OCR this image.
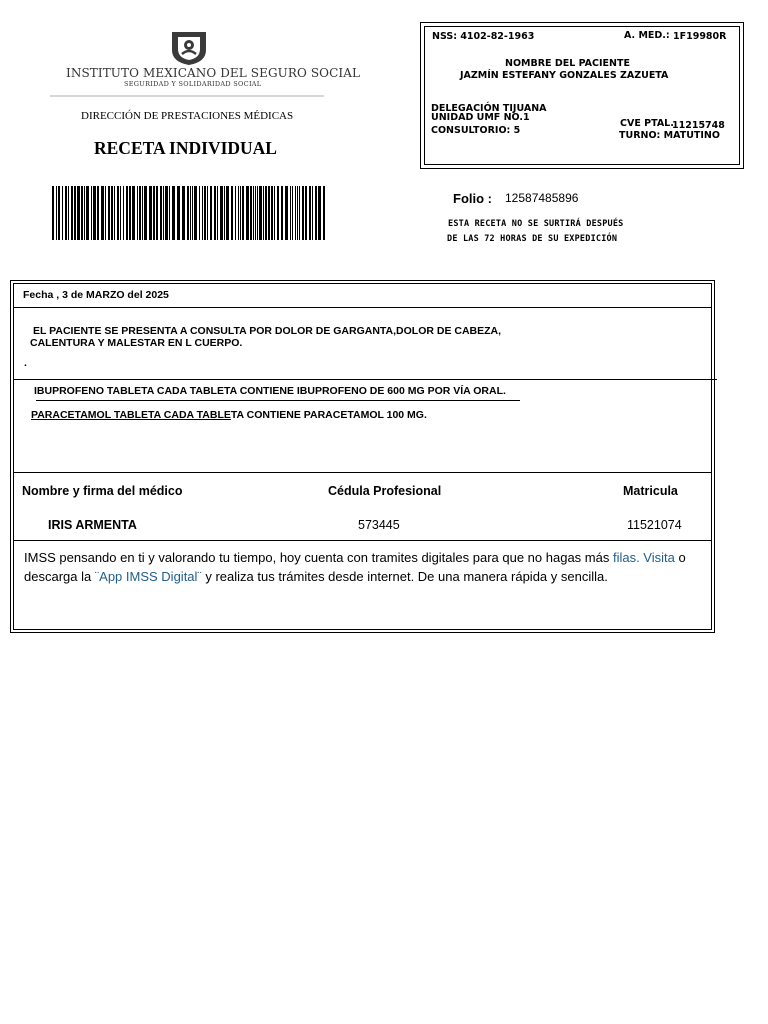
INSTITUTO MEXICANO DEL SEGURO SOCIAL
SEGURIDAD Y SOLIDARIDAD SOCIAL
DIRECCIÓN DE PRESTACIONES MÉDICAS
RECETA INDIVIDUAL
NSS: 4102-82-1963	A. MED.: 1F19980R
NOMBRE DEL PACIENTE
JAZMÍN ESTEFANY GONZALES ZAZUETA
DELEGACIÓN TIJUANA
UNIDAD UMF NO.1
CONSULTORIO: 5
CVE PTAL.
11215748
TURNO: MATUTINO
Folio : 12587485896
ESTA RECETA NO SE SURTIRÁ DESPUÉS
DE LAS 72 HORAS DE SU EXPEDICIÓN
Fecha , 3 de MARZO del 2025
EL PACIENTE SE PRESENTA A CONSULTA POR DOLOR DE GARGANTA,DOLOR DE CABEZA,
CALENTURA Y MALESTAR EN L CUERPO.
.
IBUPROFENO TABLETA CADA TABLETA CONTIENE IBUPROFENO DE 600 MG POR VÍA ORAL.
PARACETAMOL TABLETA CADA TABLETA CONTIENE PARACETAMOL 100 MG.
Nombre y firma del médico	Cédula Profesional	Matricula
IRIS ARMENTA	573445	11521074
IMSS pensando en ti y valorando tu tiempo, hoy cuenta con tramites digitales para que no hagas más filas. Visita o descarga la ¨App IMSS Digital¨ y realiza tus trámites desde internet. De una manera rápida y sencilla.
